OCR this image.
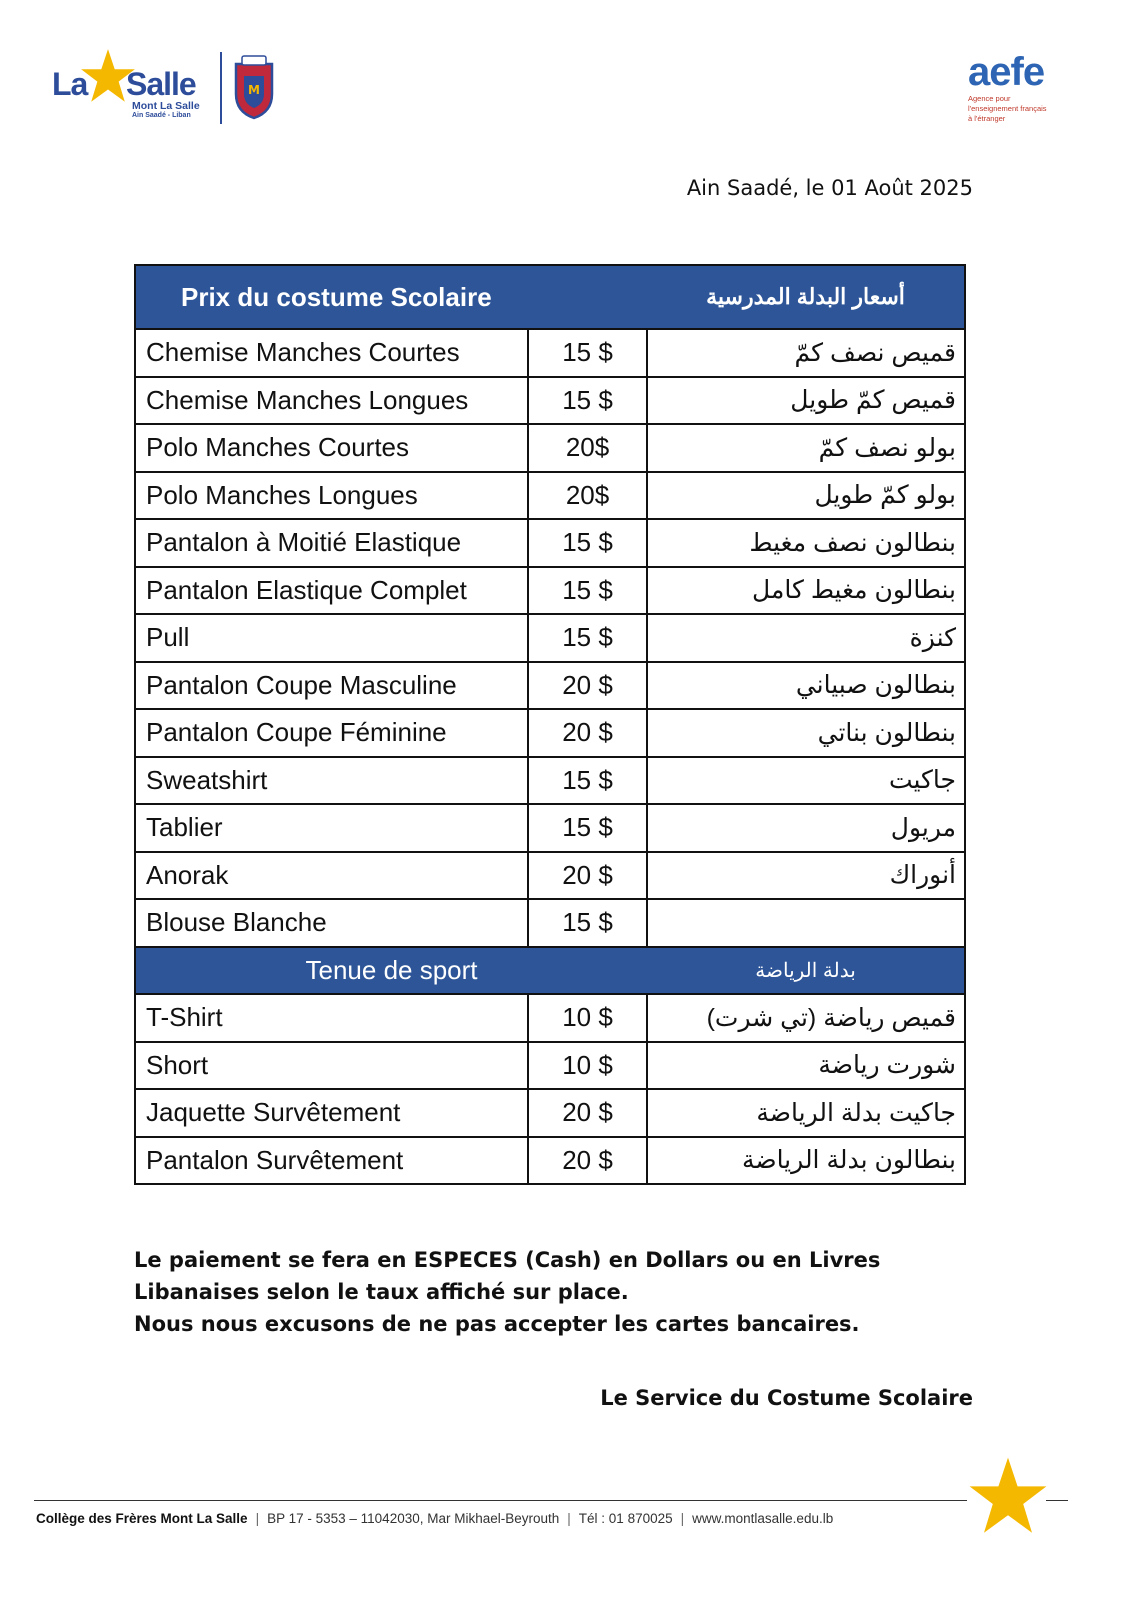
La Salle
Mont La Salle
Ain Saadé - Liban
M	aefe
Agence pour
l'enseignement français
à l'étranger
Ain Saadé, le 01 Août 2025
Prix du costume Scolaire		أسعار البدلة المدرسية
Chemise Manches Courtes	15 $	قميص نصف كمّ
Chemise Manches Longues	15 $	قميص كمّ طويل
Polo Manches Courtes	20$	بولو نصف كمّ
Polo Manches Longues	20$	بولو كمّ طويل
Pantalon à Moitié Elastique	15 $	بنطالون نصف مغيط
Pantalon Elastique Complet	15 $	بنطالون مغيط كامل
Pull	15 $	كنزة
Pantalon Coupe Masculine	20 $	بنطالون صبياني
Pantalon Coupe Féminine	20 $	بنطالون بناتي
Sweatshirt	15 $	جاكيت
Tablier	15 $	مريول
Anorak	20 $	أنوراك
Blouse Blanche	15 $	
Tenue de sport		بدلة الرياضة
T-Shirt	10 $	قميص رياضة (تي شرت)
Short	10 $	شورت رياضة
Jaquette Survêtement	20 $	جاكيت بدلة الرياضة
Pantalon Survêtement	20 $	بنطالون بدلة الرياضة

Le paiement se fera en ESPECES (Cash) en Dollars ou en Livres Libanaises selon le taux affiché sur place.

Nous nous excusons de ne pas accepter les cartes bancaires.

Le Service du Costume Scolaire
Collège des Frères Mont La Salle | BP 17 - 5353 – 11042030, Mar Mikhael-Beyrouth | Tél : 01 870025 | www.montlasalle.edu.lb
